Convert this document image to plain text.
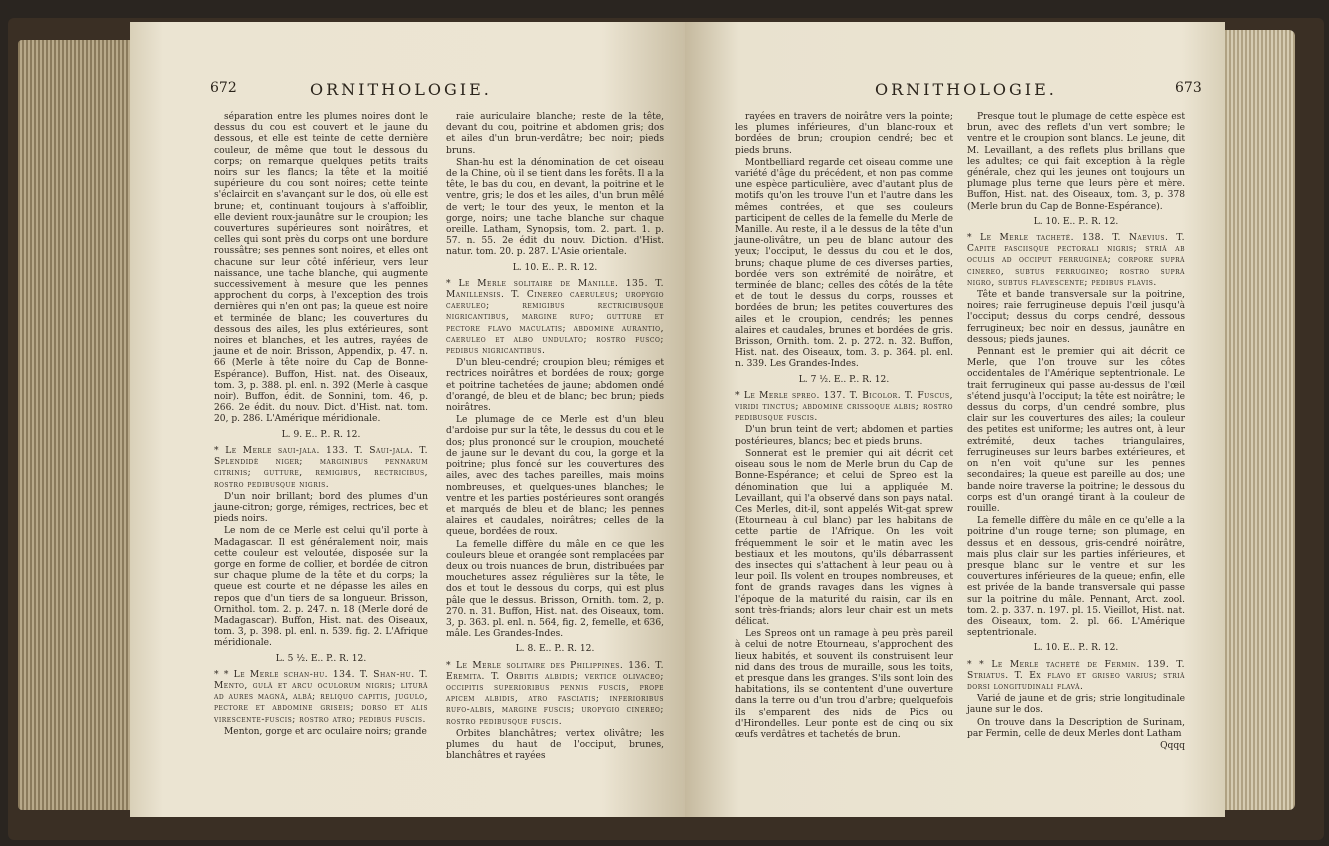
672	ORNITHOLOGIE.

séparation entre les plumes noires dont le dessus du cou est couvert et le jaune du dessous, et elle est teinte de cette dernière couleur, de même que tout le dessous du corps; on remarque quelques petits traits noirs sur les flancs; la tête et la moitié supérieure du cou sont noires; cette teinte s'éclaircit en s'avançant sur le dos, où elle est brune; et, continuant toujours à s'affoiblir, elle devient roux-jaunâtre sur le croupion; les couvertures supérieures sont noirâtres, et celles qui sont près du corps ont une bordure roussâtre; ses pennes sont noires, et elles ont chacune sur leur côté inférieur, vers leur naissance, une tache blanche, qui augmente successivement à mesure que les pennes approchent du corps, à l'exception des trois dernières qui n'en ont pas; la queue est noire et terminée de blanc; les couvertures du dessous des ailes, les plus extérieures, sont noires et blanches, et les autres, rayées de jaune et de noir. Brisson, Appendix, p. 47. n. 66 (Merle à tête noire du Cap de Bonne-Espérance). Buffon, Hist. nat. des Oiseaux, tom. 3, p. 388. pl. enl. n. 392 (Merle à casque noir). Buffon, édit. de Sonnini, tom. 46, p. 266. 2e édit. du nouv. Dict. d'Hist. nat. tom. 20, p. 286. L'Amérique méridionale.

L. 9. E.. P.. R. 12.

* Le Merle saui-jala. 133. T. Saui-jala. T. Splendidè niger; marginibus pennarum citrinis; gutture, remigibus, rectricibus, rostro pedibusque nigris.

D'un noir brillant; bord des plumes d'un jaune-citron; gorge, rémiges, rectrices, bec et pieds noirs.

Le nom de ce Merle est celui qu'il porte à Madagascar. Il est généralement noir, mais cette couleur est veloutée, disposée sur la gorge en forme de collier, et bordée de citron sur chaque plume de la tête et du corps; la queue est courte et ne dépasse les ailes en repos que d'un tiers de sa longueur. Brisson, Ornithol. tom. 2. p. 247. n. 18 (Merle doré de Madagascar). Buffon, Hist. nat. des Oiseaux, tom. 3, p. 398. pl. enl. n. 539. fig. 2. L'Afrique méridionale.

L. 5 ½. E.. P.. R. 12.

* * Le Merle schan-hu. 134. T. Shan-hu. T. Mento, gulâ et arcu oculorum nigris; liturâ ad aures magnâ, albâ; reliquo capitis, jugulo, pectore et abdomine griseis; dorso et alis virescente-fuscis; rostro atro; pedibus fuscis.

Menton, gorge et arc oculaire noirs; grande

raie auriculaire blanche; reste de la tête, devant du cou, poitrine et abdomen gris; dos et ailes d'un brun-verdâtre; bec noir; pieds bruns.

Shan-hu est la dénomination de cet oiseau de la Chine, où il se tient dans les forêts. Il a la tête, le bas du cou, en devant, la poitrine et le ventre, gris; le dos et les ailes, d'un brun mêlé de vert; le tour des yeux, le menton et la gorge, noirs; une tache blanche sur chaque oreille. Latham, Synopsis, tom. 2. part. 1. p. 57. n. 55. 2e édit du nouv. Diction. d'Hist. natur. tom. 20. p. 287. L'Asie orientale.

L. 10. E.. P.. R. 12.

* Le Merle solitaire de Manille. 135. T. Manillensis. T. Cinereo caeruleus; uropygio caeruleo; remigibus rectricibusque nigricantibus, margine rufo; gutture et pectore flavo maculatis; abdomine aurantio, caeruleo et albo undulato; rostro fusco; pedibus nigricantibus.

D'un bleu-cendré; croupion bleu; rémiges et rectrices noirâtres et bordées de roux; gorge et poitrine tachetées de jaune; abdomen ondé d'orangé, de bleu et de blanc; bec brun; pieds noirâtres.

Le plumage de ce Merle est d'un bleu d'ardoise pur sur la tête, le dessus du cou et le dos; plus prononcé sur le croupion, moucheté de jaune sur le devant du cou, la gorge et la poitrine; plus foncé sur les couvertures des ailes, avec des taches pareilles, mais moins nombreuses, et quelques-unes blanches; le ventre et les parties postérieures sont orangés et marqués de bleu et de blanc; les pennes alaires et caudales, noirâtres; celles de la queue, bordées de roux.

La femelle diffère du mâle en ce que les couleurs bleue et orangée sont remplacées par deux ou trois nuances de brun, distribuées par mouchetures assez régulières sur la tête, le dos et tout le dessous du corps, qui est plus pâle que le dessus. Brisson, Ornith. tom. 2, p. 270. n. 31. Buffon, Hist. nat. des Oiseaux, tom. 3, p. 363. pl. enl. n. 564, fig. 2, femelle, et 636, mâle. Les Grandes-Indes.

L. 8. E.. P.. R. 12.

* Le Merle solitaire des Philippines. 136. T. Eremita. T. Orbitis albidis; vertice olivaceo; occipitis superioribus pennis fuscis, prope apicem albidis, atro fasciatis; inferioribus rufo-albis, margine fuscis; uropygio cinereo; rostro pedibusque fuscis.

Orbites blanchâtres; vertex olivâtre; les plumes du haut de l'occiput, brunes, blanchâtres et rayées

ORNITHOLOGIE.	673

rayées en travers de noirâtre vers la pointe; les plumes inférieures, d'un blanc-roux et bordées de brun; croupion cendré; bec et pieds bruns.

Montbelliard regarde cet oiseau comme une variété d'âge du précédent, et non pas comme une espèce particulière, avec d'autant plus de motifs qu'on les trouve l'un et l'autre dans les mêmes contrées, et que ses couleurs participent de celles de la femelle du Merle de Manille. Au reste, il a le dessus de la tête d'un jaune-olivâtre, un peu de blanc autour des yeux; l'occiput, le dessus du cou et le dos, bruns; chaque plume de ces diverses parties, bordée vers son extrémité de noirâtre, et terminée de blanc; celles des côtés de la tête et de tout le dessus du corps, rousses et bordées de brun; les petites couvertures des ailes et le croupion, cendrés; les pennes alaires et caudales, brunes et bordées de gris. Brisson, Ornith. tom. 2. p. 272. n. 32. Buffon, Hist. nat. des Oiseaux, tom. 3. p. 364. pl. enl. n. 339. Les Grandes-Indes.

L. 7 ½. E.. P.. R. 12.

* Le Merle spreo. 137. T. Bicolor. T. Fuscus, viridi tinctus; abdomine crissoque albis; rostro pedibusque fuscis.

D'un brun teint de vert; abdomen et parties postérieures, blancs; bec et pieds bruns.

Sonnerat est le premier qui ait décrit cet oiseau sous le nom de Merle brun du Cap de Bonne-Espérance; et celui de Spreo est la dénomination que lui a appliquée M. Levaillant, qui l'a observé dans son pays natal. Ces Merles, dit-il, sont appelés Wit-gat sprew (Etourneau à cul blanc) par les habitans de cette partie de l'Afrique. On les voit fréquemment le soir et le matin avec les bestiaux et les moutons, qu'ils débarrassent des insectes qui s'attachent à leur peau ou à leur poil. Ils volent en troupes nombreuses, et font de grands ravages dans les vignes à l'époque de la maturité du raisin, car ils en sont très-friands; alors leur chair est un mets délicat.

Les Spreos ont un ramage à peu près pareil à celui de notre Etourneau, s'approchent des lieux habités, et souvent ils construisent leur nid dans des trous de muraille, sous les toits, et presque dans les granges. S'ils sont loin des habitations, ils se contentent d'une ouverture dans la terre ou d'un trou d'arbre; quelquefois ils s'emparent des nids de Pics ou d'Hirondelles. Leur ponte est de cinq ou six œufs verdâtres et tachetés de brun.

Presque tout le plumage de cette espèce est brun, avec des reflets d'un vert sombre; le ventre et le croupion sont blancs. Le jeune, dit M. Levaillant, a des reflets plus brillans que les adultes; ce qui fait exception à la règle générale, chez qui les jeunes ont toujours un plumage plus terne que leurs père et mère. Buffon, Hist. nat. des Oiseaux, tom. 3, p. 378 (Merle brun du Cap de Bonne-Espérance).

L. 10. E.. P.. R. 12.

* Le Merle tacheté. 138. T. Naevius. T. Capite fasciisque pectorali nigris; striâ ab oculis ad occiput ferrugineâ; corpore suprà cinereo, subtus ferrugineo; rostro suprà nigro, subtus flavescente; pedibus flavis.

Tête et bande transversale sur la poitrine, noires; raie ferrugineuse depuis l'œil jusqu'à l'occiput; dessus du corps cendré, dessous ferrugineux; bec noir en dessus, jaunâtre en dessous; pieds jaunes.

Pennant est le premier qui ait décrit ce Merle, que l'on trouve sur les côtes occidentales de l'Amérique septentrionale. Le trait ferrugineux qui passe au-dessus de l'œil s'étend jusqu'à l'occiput; la tête est noirâtre; le dessus du corps, d'un cendré sombre, plus clair sur les couvertures des ailes; la couleur des petites est uniforme; les autres ont, à leur extrémité, deux taches triangulaires, ferrugineuses sur leurs barbes extérieures, et on n'en voit qu'une sur les pennes secondaires; la queue est pareille au dos; une bande noire traverse la poitrine; le dessous du corps est d'un orangé tirant à la couleur de rouille.

La femelle diffère du mâle en ce qu'elle a la poitrine d'un rouge terne; son plumage, en dessus et en dessous, gris-cendré noirâtre, mais plus clair sur les parties inférieures, et presque blanc sur le ventre et sur les couvertures inférieures de la queue; enfin, elle est privée de la bande transversale qui passe sur la poitrine du mâle. Pennant, Arct. zool. tom. 2. p. 337. n. 197. pl. 15. Vieillot, Hist. nat. des Oiseaux, tom. 2. pl. 66. L'Amérique septentrionale.

L. 10. E.. P.. R. 12.

* * Le Merle tacheté de Fermin. 139. T. Striatus. T. Ex flavo et griseo varius; striâ dorsi longitudinali flavâ.

Varié de jaune et de gris; strie longitudinale jaune sur le dos.

On trouve dans la Description de Surinam, par Fermin, celle de deux Merles dont Latham

Qqqq
